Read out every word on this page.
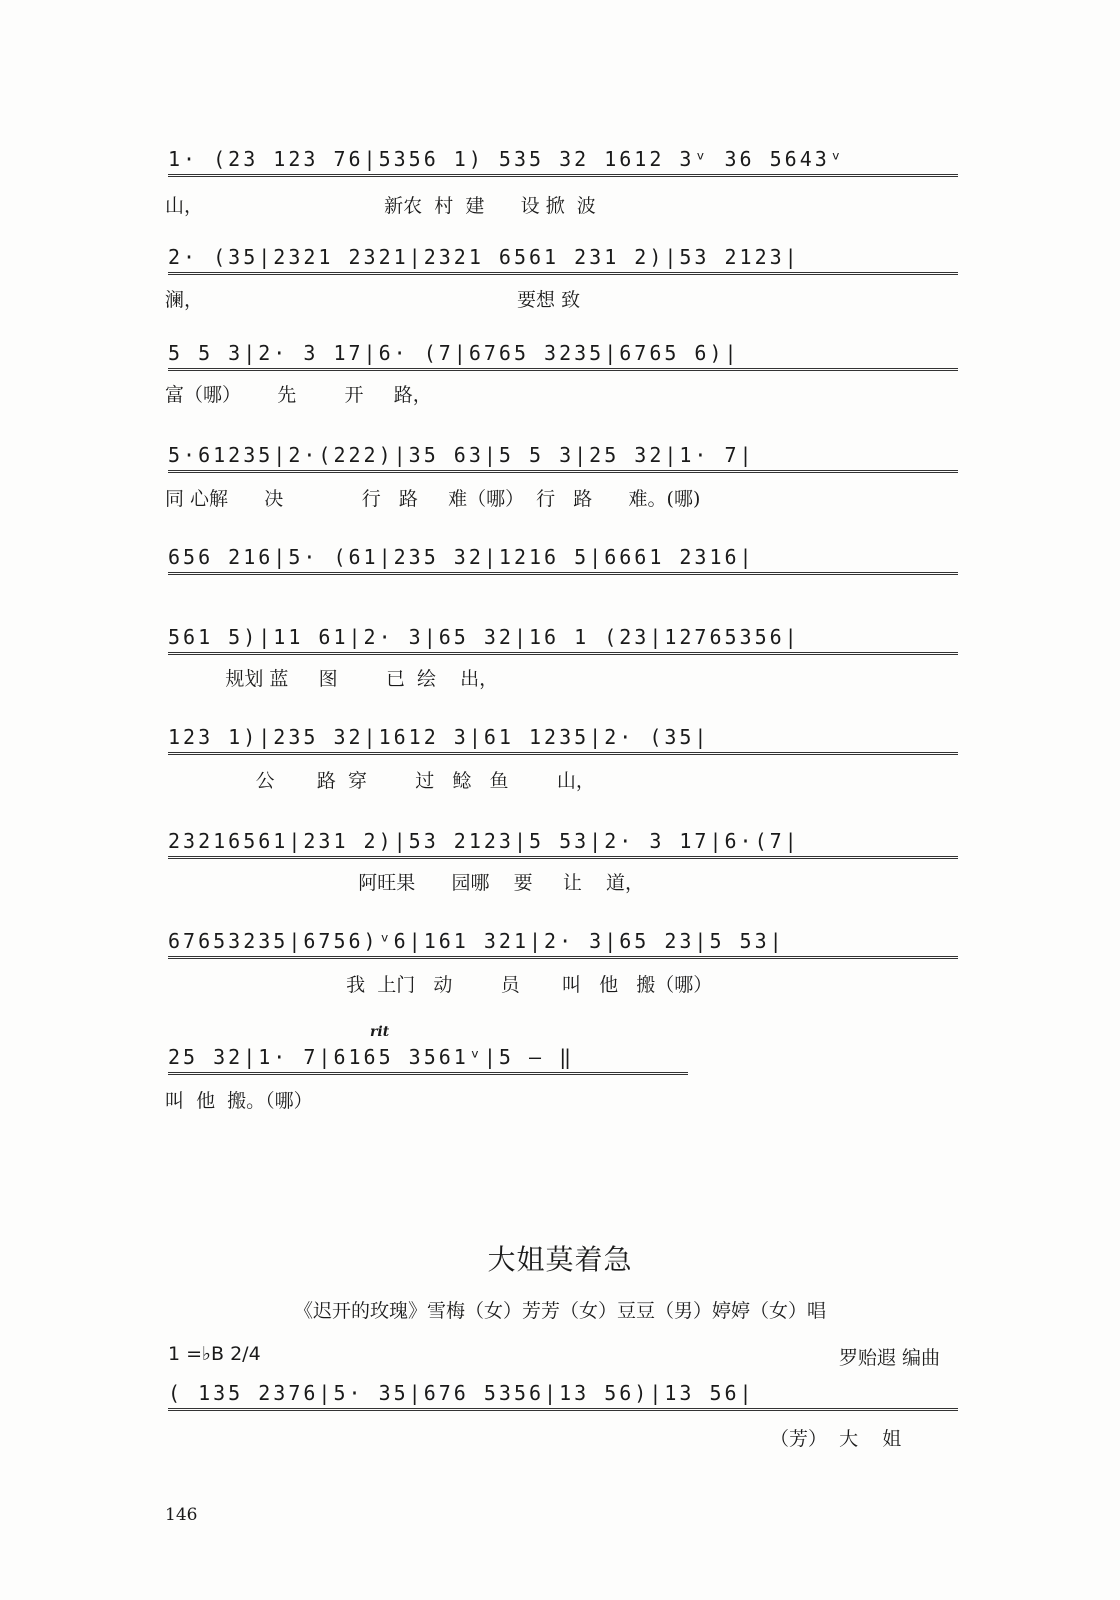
1· (23 123 76|5356 1) 535 32 1612 3ᵛ 36 5643ᵛ
山，                              新农  村  建      设 掀  波
2· (35|2321 2321|2321 6561 231 2)|53 2123|
澜，                                                    要想 致
5 5 3|2· 3 17|6· (7|6765 3235|6765 6)|
富（哪）      先        开     路，
5·61235|2·(222)|35 63|5 5 3|25 32|1· 7|
同 心解      决             行   路     难（哪）  行   路      难。(哪)
656 216|5· (61|235 32|1216 5|6661 2316|
561 5)|11 61|2· 3|65 32|16 1 (23|12765356|
规划 蓝     图        已  绘    出，
123 1)|235 32|1612 3|61 1235|2· (35|
公       路  穿        过   鲶   鱼        山，
23216561|231 2)|53 2123|5 53|2· 3 17|6·(7|
阿旺果      园哪    要     让    道，
67653235|6756)ᵛ6|161 321|2· 3|65 23|5 53|
我  上门   动        员       叫   他   搬（哪）
rit
25 32|1· 7|6165 3561ᵛ|5 — ‖
叫  他  搬。（哪）
大姐莫着急
《迟开的玫瑰》雪梅（女）芳芳（女）豆豆（男）婷婷（女）唱
1 =♭B 2/4	罗贻遐 编曲
( 135 2376|5· 35|676 5356|13 56)|13 56|
（芳）  大    姐
146
